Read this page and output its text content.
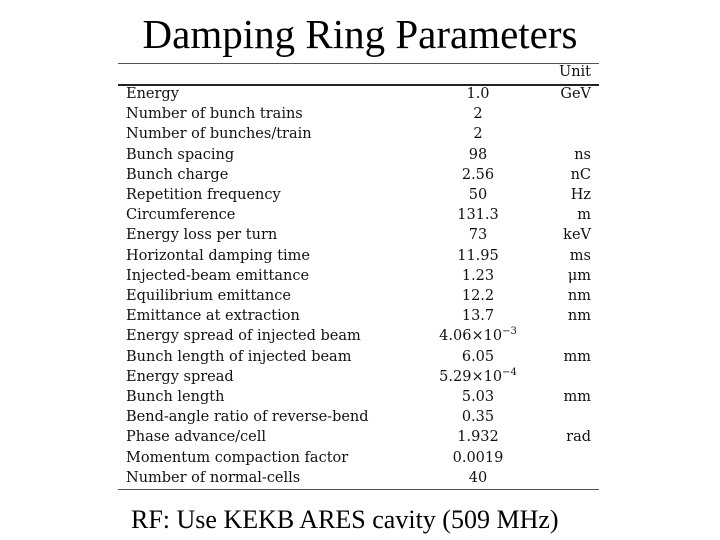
Damping Ring Parameters
Unit
Energy	1.0	GeV
Number of bunch trains	2
Number of bunches/train	2
Bunch spacing	98	ns
Bunch charge	2.56	nC
Repetition frequency	50	Hz
Circumference	131.3	m
Energy loss per turn	73	keV
Horizontal damping time	11.95	ms
Injected-beam emittance	1.23	μm
Equilibrium emittance	12.2	nm
Emittance at extraction	13.7	nm
Energy spread of injected beam	$4.06\times 10^{-3}$
Bunch length of injected beam	6.05	mm
Energy spread	$5.29\times 10^{-4}$
Bunch length	5.03	mm
Bend-angle ratio of reverse-bend	0.35
Phase advance/cell	1.932	rad
Momentum compaction factor	0.0019
Number of normal-cells	40
RF: Use KEKB ARES cavity (509 MHz)
